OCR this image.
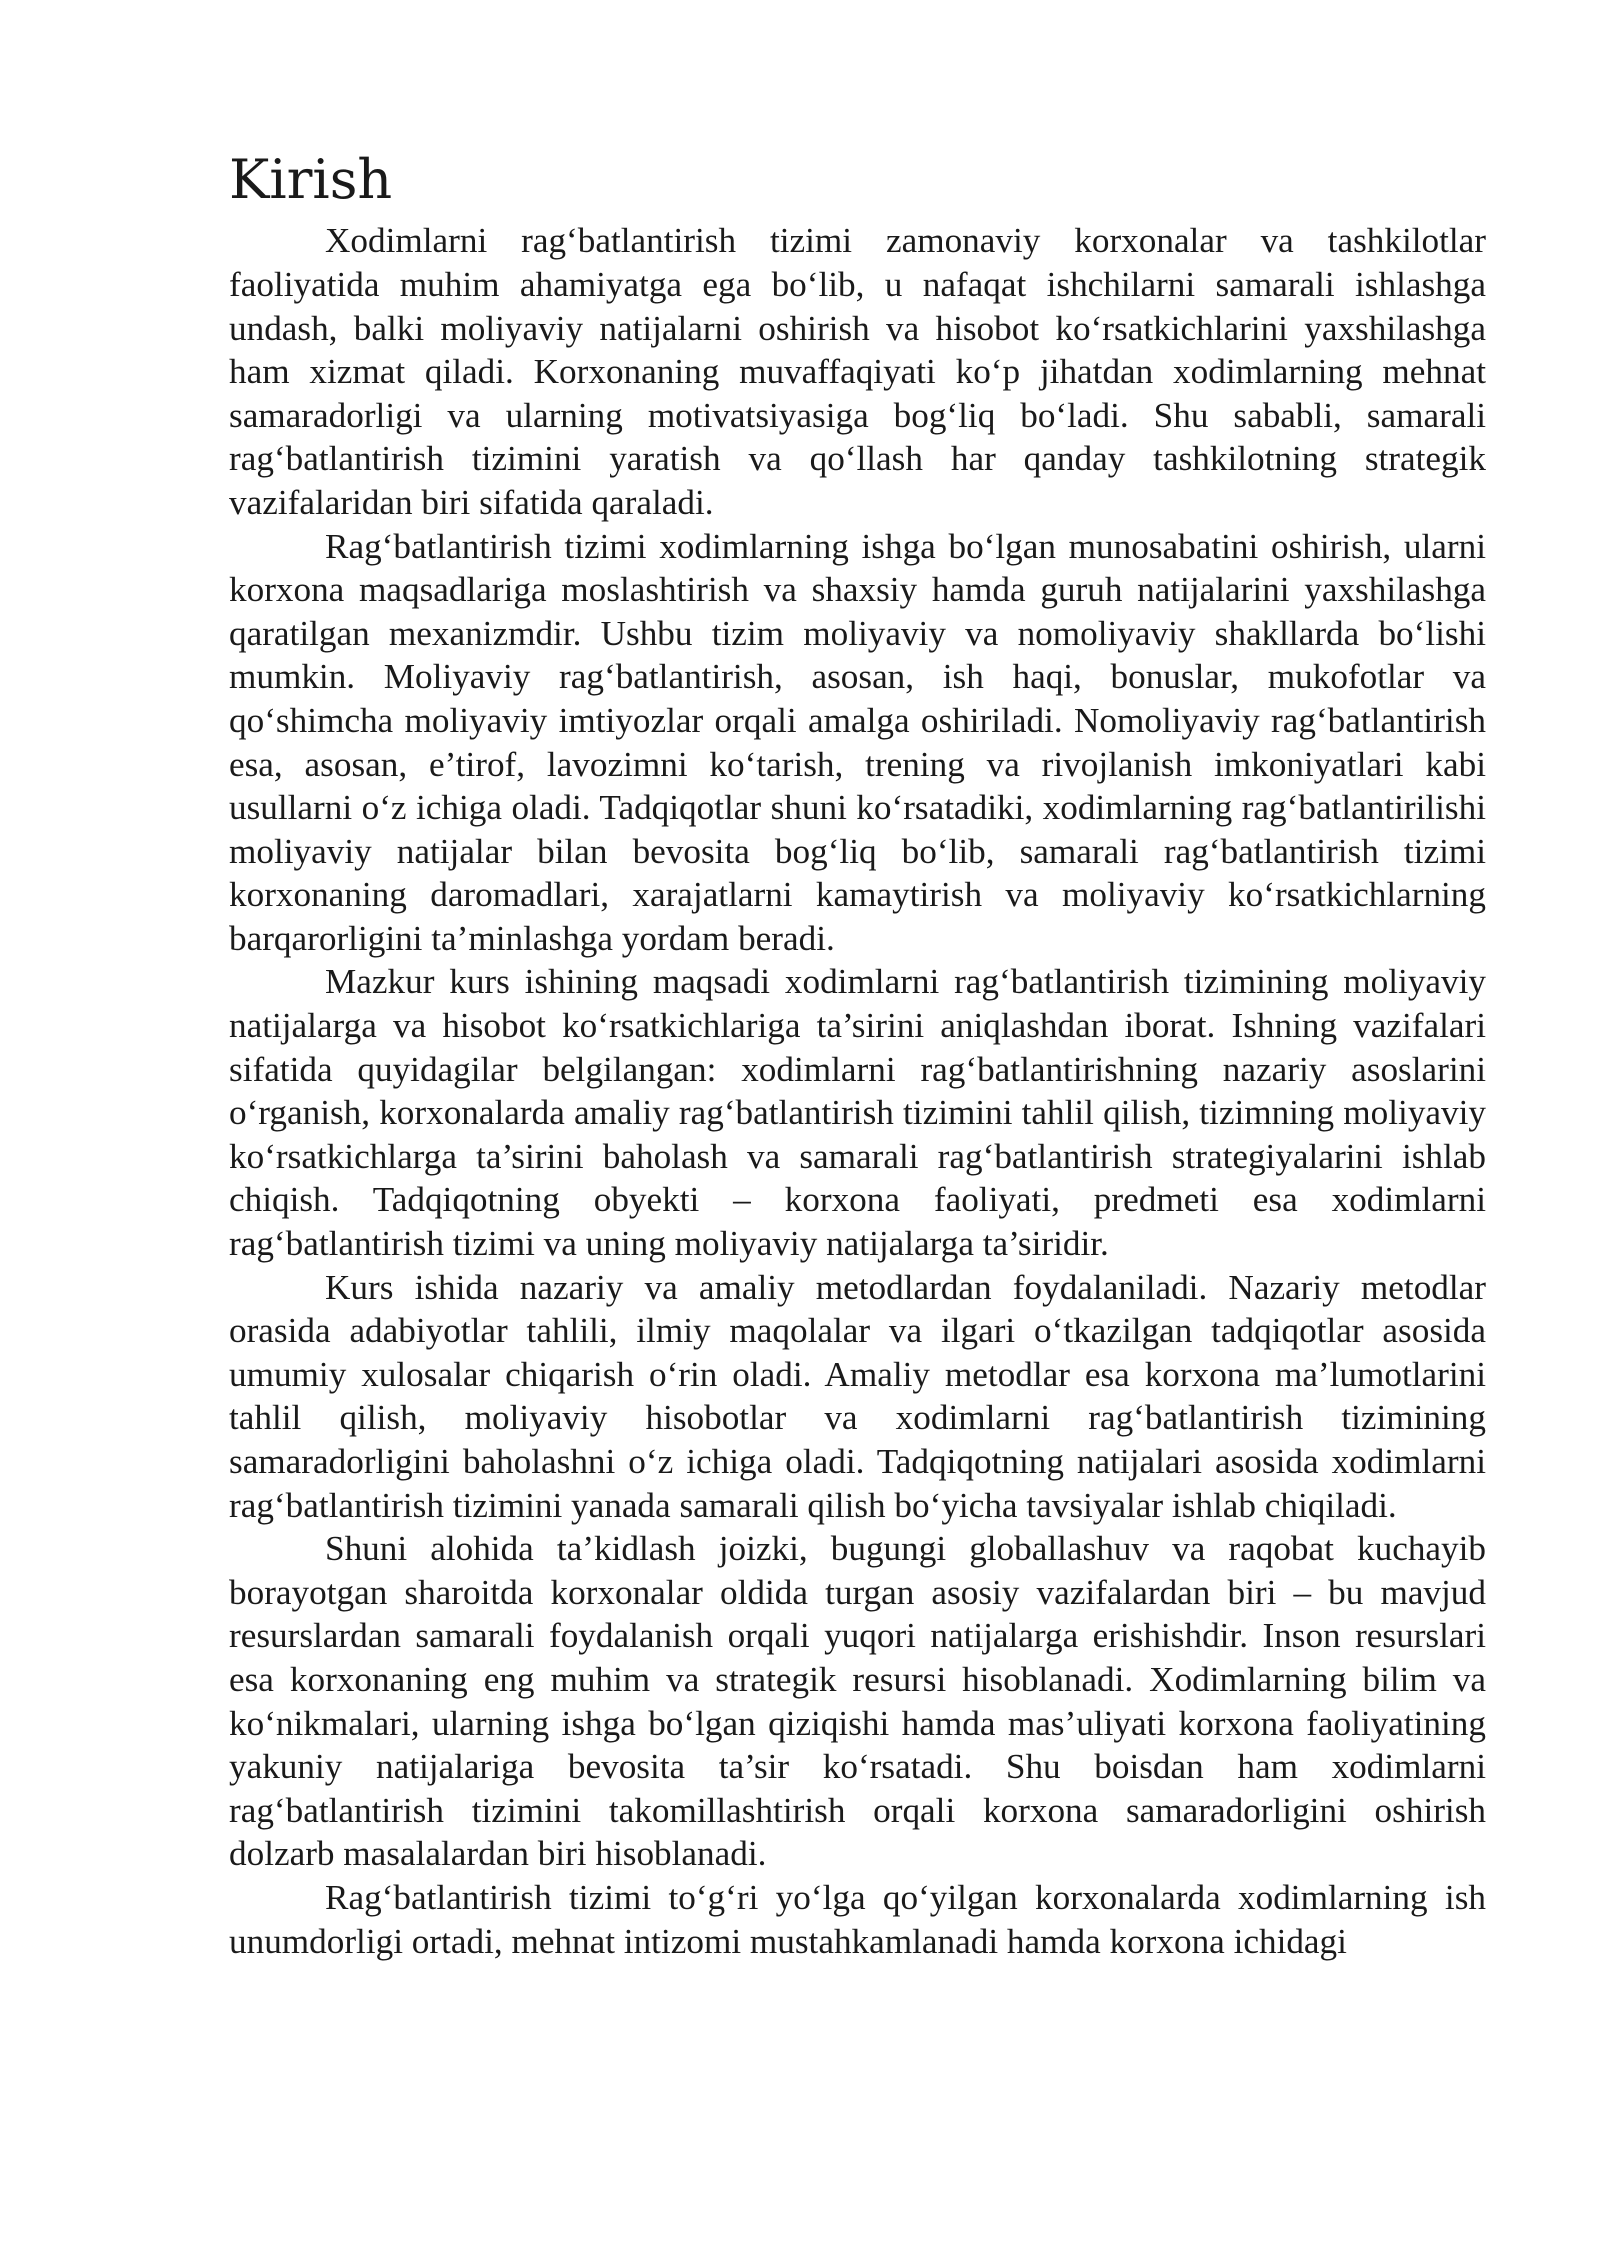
Kirish

Xodimlarni rag‘batlantirish tizimi zamonaviy korxonalar va tashkilotlar faoliyatida muhim ahamiyatga ega bo‘lib, u nafaqat ishchilarni samarali ishlashga undash, balki moliyaviy natijalarni oshirish va hisobot ko‘rsatkichlarini yaxshilashga ham xizmat qiladi. Korxonaning muvaffaqiyati ko‘p jihatdan xodimlarning mehnat samaradorligi va ularning motivatsiyasiga bog‘liq bo‘ladi. Shu sababli, samarali rag‘batlantirish tizimini yaratish va qo‘llash har qanday tashkilotning strategik vazifalaridan biri sifatida qaraladi.

Rag‘batlantirish tizimi xodimlarning ishga bo‘lgan munosabatini oshirish, ularni korxona maqsadlariga moslashtirish va shaxsiy hamda guruh natijalarini yaxshilashga qaratilgan mexanizmdir. Ushbu tizim moliyaviy va nomoliyaviy shakllarda bo‘lishi mumkin. Moliyaviy rag‘batlantirish, asosan, ish haqi, bonuslar, mukofotlar va qo‘shimcha moliyaviy imtiyozlar orqali amalga oshiriladi. Nomoliyaviy rag‘batlantirish esa, asosan, e’tirof, lavozimni ko‘tarish, trening va rivojlanish imkoniyatlari kabi usullarni o‘z ichiga oladi. Tadqiqotlar shuni ko‘rsatadiki, xodimlarning rag‘batlantirilishi moliyaviy natijalar bilan bevosita bog‘liq bo‘lib, samarali rag‘batlantirish tizimi korxonaning daromadlari, xarajatlarni kamaytirish va moliyaviy ko‘rsatkichlarning barqarorligini ta’minlashga yordam beradi.

Mazkur kurs ishining maqsadi xodimlarni rag‘batlantirish tizimining moliyaviy natijalarga va hisobot ko‘rsatkichlariga ta’sirini aniqlashdan iborat. Ishning vazifalari sifatida quyidagilar belgilangan: xodimlarni rag‘batlantirishning nazariy asoslarini o‘rganish, korxonalarda amaliy rag‘batlantirish tizimini tahlil qilish, tizimning moliyaviy ko‘rsatkichlarga ta’sirini baholash va samarali rag‘batlantirish strategiyalarini ishlab chiqish. Tadqiqotning obyekti – korxona faoliyati, predmeti esa xodimlarni rag‘batlantirish tizimi va uning moliyaviy natijalarga ta’siridir.

Kurs ishida nazariy va amaliy metodlardan foydalaniladi. Nazariy metodlar orasida adabiyotlar tahlili, ilmiy maqolalar va ilgari o‘tkazilgan tadqiqotlar asosida umumiy xulosalar chiqarish o‘rin oladi. Amaliy metodlar esa korxona ma’lumotlarini tahlil qilish, moliyaviy hisobotlar va xodimlarni rag‘batlantirish tizimining samaradorligini baholashni o‘z ichiga oladi. Tadqiqotning natijalari asosida xodimlarni rag‘batlantirish tizimini yanada samarali qilish bo‘yicha tavsiyalar ishlab chiqiladi.

Shuni alohida ta’kidlash joizki, bugungi globallashuv va raqobat kuchayib borayotgan sharoitda korxonalar oldida turgan asosiy vazifalardan biri – bu mavjud resurslardan samarali foydalanish orqali yuqori natijalarga erishishdir. Inson resurslari esa korxonaning eng muhim va strategik resursi hisoblanadi. Xodimlarning bilim va ko‘nikmalari, ularning ishga bo‘lgan qiziqishi hamda mas’uliyati korxona faoliyatining yakuniy natijalariga bevosita ta’sir ko‘rsatadi. Shu boisdan ham xodimlarni rag‘batlantirish tizimini takomillashtirish orqali korxona samaradorligini oshirish dolzarb masalalardan biri hisoblanadi.

Rag‘batlantirish tizimi to‘g‘ri yo‘lga qo‘yilgan korxonalarda xodimlarning ish unumdorligi ortadi, mehnat intizomi mustahkamlanadi hamda korxona ichidagi
